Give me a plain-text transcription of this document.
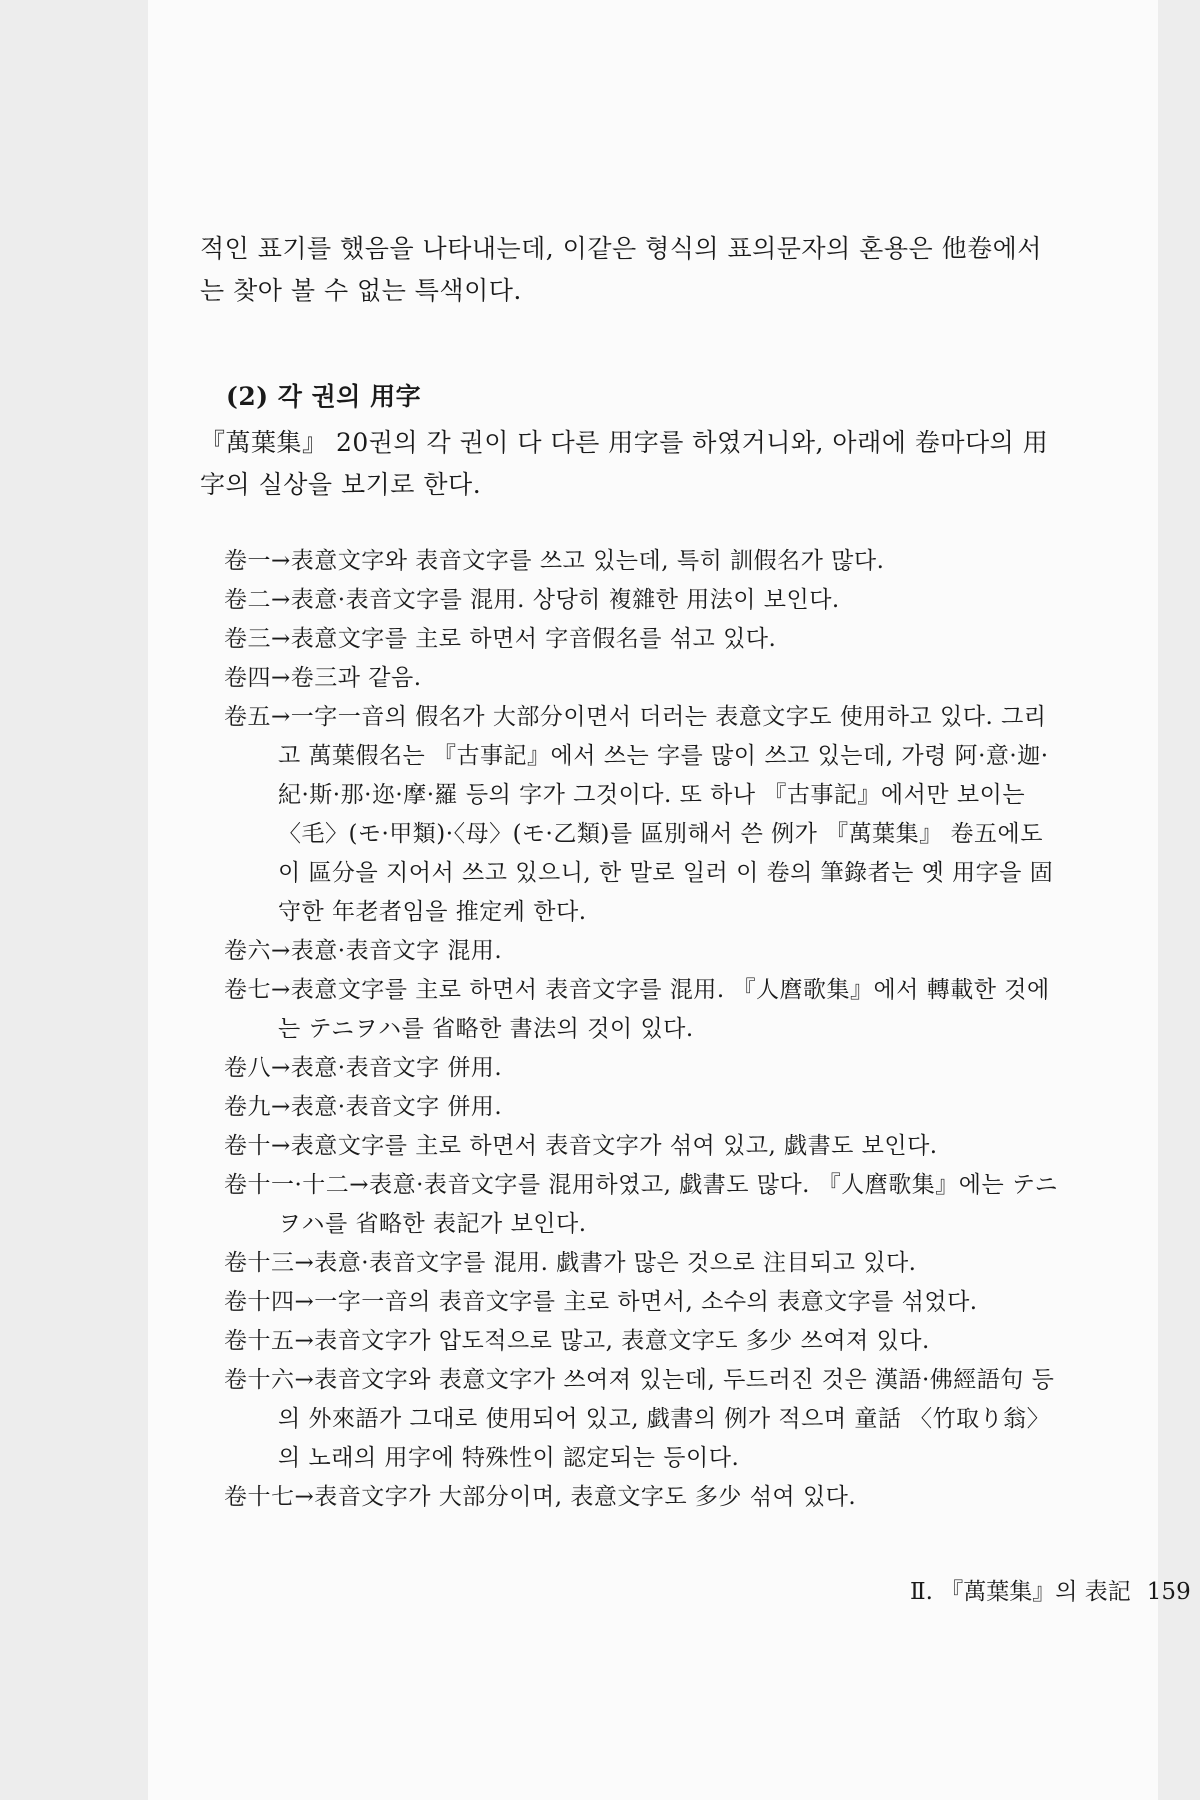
적인 표기를 했음을 나타내는데, 이같은 형식의 표의문자의 혼용은 他卷에서는 찾아 볼 수 없는 특색이다.

(2) 각 권의 用字

『萬葉集』 20권의 각 권이 다 다른 用字를 하였거니와, 아래에 卷마다의 用字의 실상을 보기로 한다.

卷一→表意文字와 表音文字를 쓰고 있는데, 특히 訓假名가 많다.

卷二→表意·表音文字를 混用. 상당히 複雜한 用法이 보인다.

卷三→表意文字를 主로 하면서 字音假名를 섞고 있다.

卷四→卷三과 같음.

卷五→一字一音의 假名가 大部分이면서 더러는 表意文字도 使用하고 있다. 그리고 萬葉假名는 『古事記』에서 쓰는 字를 많이 쓰고 있는데, 가령 阿·意·迦·紀·斯·那·迩·摩·羅 등의 字가 그것이다. 또 하나 『古事記』에서만 보이는 〈毛〉(モ·甲類)·〈母〉(モ·乙類)를 區別해서 쓴 例가 『萬葉集』 卷五에도 이 區分을 지어서 쓰고 있으니, 한 말로 일러 이 卷의 筆錄者는 옛 用字을 固守한 年老者임을 推定케 한다.

卷六→表意·表音文字 混用.

卷七→表意文字를 主로 하면서 表音文字를 混用. 『人麿歌集』에서 轉載한 것에는 テニヲハ를 省略한 書法의 것이 있다.

卷八→表意·表音文字 併用.

卷九→表意·表音文字 併用.

卷十→表意文字를 主로 하면서 表音文字가 섞여 있고, 戯書도 보인다.

卷十一·十二→表意·表音文字를 混用하였고, 戯書도 많다. 『人麿歌集』에는 テニヲハ를 省略한 表記가 보인다.

卷十三→表意·表音文字를 混用. 戯書가 많은 것으로 注目되고 있다.

卷十四→一字一音의 表音文字를 主로 하면서, 소수의 表意文字를 섞었다.

卷十五→表音文字가 압도적으로 많고, 表意文字도 多少 쓰여져 있다.

卷十六→表音文字와 表意文字가 쓰여져 있는데, 두드러진 것은 漢語·佛經語句 등의 外來語가 그대로 使用되어 있고, 戯書의 例가 적으며 童話 〈竹取り翁〉의 노래의 用字에 特殊性이 認定되는 등이다.

卷十七→表音文字가 大部分이며, 表意文字도 多少 섞여 있다.

Ⅱ. 『萬葉集』의 表記 159
